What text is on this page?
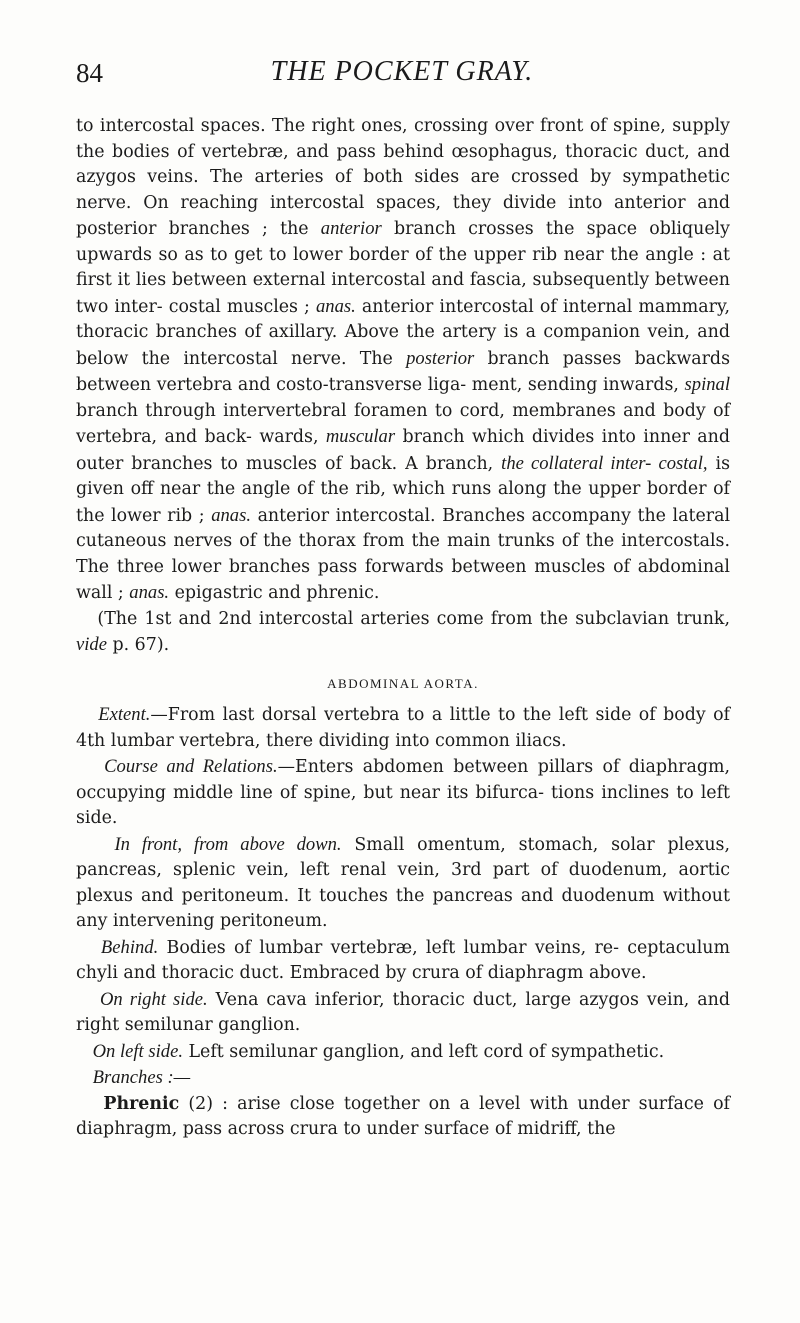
84	THE POCKET GRAY.

to intercostal spaces. The right ones, crossing over front of spine, supply the bodies of vertebræ, and pass behind œsophagus, thoracic duct, and azygos veins. The arteries of both sides are crossed by sympathetic nerve. On reaching intercostal spaces, they divide into anterior and posterior branches ; the anterior branch crosses the space obliquely upwards so as to get to lower border of the upper rib near the angle : at first it lies between external intercostal and fascia, subsequently between two inter- costal muscles ; anas. anterior intercostal of internal mammary, thoracic branches of axillary. Above the artery is a companion vein, and below the intercostal nerve. The posterior branch passes backwards between vertebra and costo-transverse liga- ment, sending inwards, spinal branch through intervertebral foramen to cord, membranes and body of vertebra, and back- wards, muscular branch which divides into inner and outer branches to muscles of back. A branch, the collateral inter- costal, is given off near the angle of the rib, which runs along the upper border of the lower rib ; anas. anterior intercostal. Branches accompany the lateral cutaneous nerves of the thorax from the main trunks of the intercostals. The three lower branches pass forwards between muscles of abdominal wall ; anas. epigastric and phrenic.

(The 1st and 2nd intercostal arteries come from the subclavian trunk, vide p. 67).

ABDOMINAL AORTA.

Extent.—From last dorsal vertebra to a little to the left side of body of 4th lumbar vertebra, there dividing into common iliacs.

Course and Relations.—Enters abdomen between pillars of diaphragm, occupying middle line of spine, but near its bifurca- tions inclines to left side.

In front, from above down. Small omentum, stomach, solar plexus, pancreas, splenic vein, left renal vein, 3rd part of duodenum, aortic plexus and peritoneum. It touches the pancreas and duodenum without any intervening peritoneum.

Behind. Bodies of lumbar vertebræ, left lumbar veins, re- ceptaculum chyli and thoracic duct. Embraced by crura of diaphragm above.

On right side. Vena cava inferior, thoracic duct, large azygos vein, and right semilunar ganglion.

On left side. Left semilunar ganglion, and left cord of sympathetic.

Branches :—

Phrenic (2) : arise close together on a level with under surface of diaphragm, pass across crura to under surface of midriff, the
